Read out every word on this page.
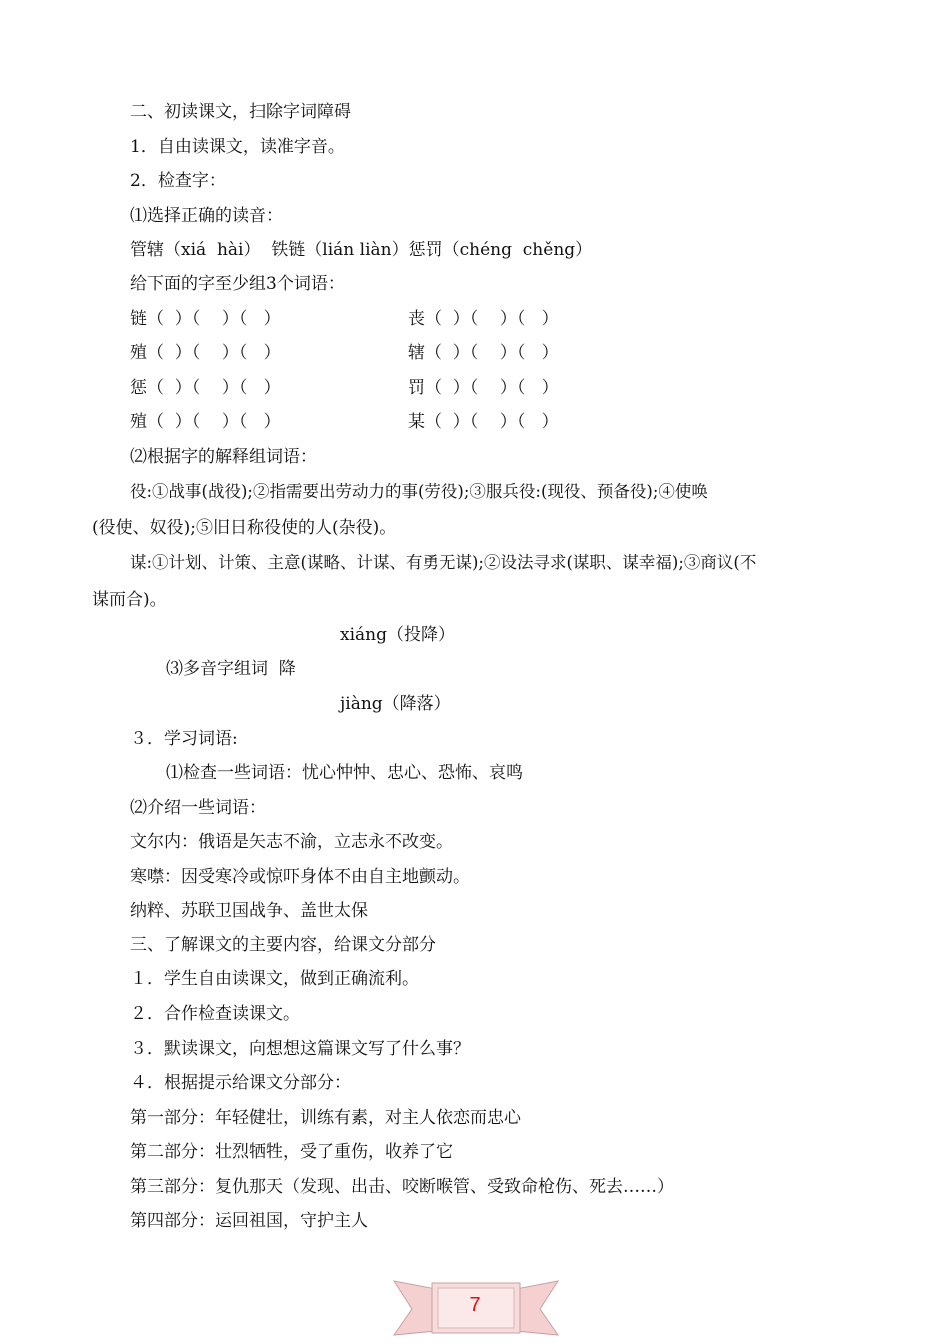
二、初读课文，扫除字词障碍
1．自由读课文，读准字音。
2．检查字：
⑴选择正确的读音：
管辖（xiá  hài）  铁链（lián liàn）惩罚（chéng  chěng）
给下面的字至少组3个词语：
链（  ）（    ）（   ）	丧（  ）（    ）（   ）
殖（  ）（    ）（   ）	辖（  ）（    ）（   ）
惩（  ）（    ）（   ）	罚（  ）（    ）（   ）
殖（  ）（    ）（   ）	某（  ）（    ）（   ）
⑵根据字的解释组词语：
役:①战事(战役);②指需要出劳动力的事(劳役);③服兵役:(现役、预备役);④使唤
(役使、奴役);⑤旧日称役使的人(杂役)。
谋:①计划、计策、主意(谋略、计谋、有勇无谋);②设法寻求(谋职、谋幸福);③商议(不
谋而合)。
xiáng（投降）
⑶多音字组词  降
jiàng（降落）
３．学习词语:
⑴检查一些词语：忧心忡忡、忠心、恐怖、哀鸣
⑵介绍一些词语：
文尔内：俄语是矢志不渝，立志永不改变。
寒噤：因受寒冷或惊吓身体不由自主地颤动。
纳粹、苏联卫国战争、盖世太保
三、了解课文的主要内容，给课文分部分
１．学生自由读课文，做到正确流利。
２．合作检查读课文。
３．默读课文，向想想这篇课文写了什么事？
４．根据提示给课文分部分：
第一部分：年轻健壮，训练有素，对主人依恋而忠心
第二部分：壮烈牺牲，受了重伤，收养了它
第三部分：复仇那天（发现、出击、咬断喉管、受致命枪伤、死去……）
第四部分：运回祖国，守护主人
7
